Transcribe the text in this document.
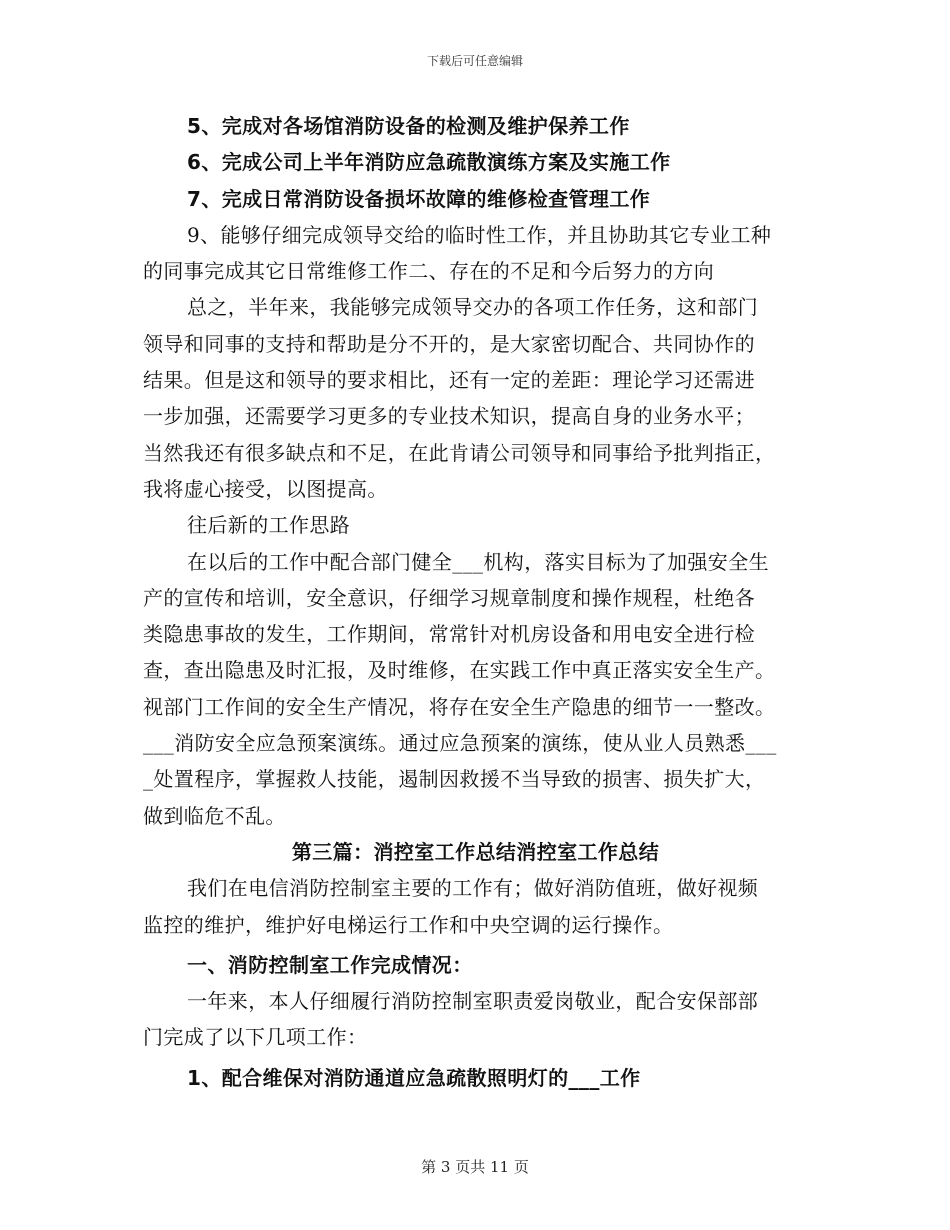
下载后可任意编辑
5、完成对各场馆消防设备的检测及维护保养工作
6、完成公司上半年消防应急疏散演练方案及实施工作
7、完成日常消防设备损坏故障的维修检查管理工作
9、能够仔细完成领导交给的临时性工作，并且协助其它专业工种
的同事完成其它日常维修工作二、存在的不足和今后努力的方向
总之，半年来，我能够完成领导交办的各项工作任务，这和部门
领导和同事的支持和帮助是分不开的，是大家密切配合、共同协作的
结果。但是这和领导的要求相比，还有一定的差距：理论学习还需进
一步加强，还需要学习更多的专业技术知识，提高自身的业务水平；
当然我还有很多缺点和不足，在此肯请公司领导和同事给予批判指正，
我将虚心接受，以图提高。
往后新的工作思路
在以后的工作中配合部门健全___机构，落实目标为了加强安全生
产的宣传和培训，安全意识，仔细学习规章制度和操作规程，杜绝各
类隐患事故的发生，工作期间，常常针对机房设备和用电安全进行检
查，查出隐患及时汇报，及时维修，在实践工作中真正落实安全生产。
视部门工作间的安全生产情况，将存在安全生产隐患的细节一一整改。
___消防安全应急预案演练。通过应急预案的演练，使从业人员熟悉___
_处置程序，掌握救人技能，遏制因救援不当导致的损害、损失扩大，
做到临危不乱。
第三篇：消控室工作总结消控室工作总结
我们在电信消防控制室主要的工作有；做好消防值班，做好视频
监控的维护，维护好电梯运行工作和中央空调的运行操作。
一、消防控制室工作完成情况：
一年来，本人仔细履行消防控制室职责爱岗敬业，配合安保部部
门完成了以下几项工作：
1、配合维保对消防通道应急疏散照明灯的___工作
第 3 页共 11 页
